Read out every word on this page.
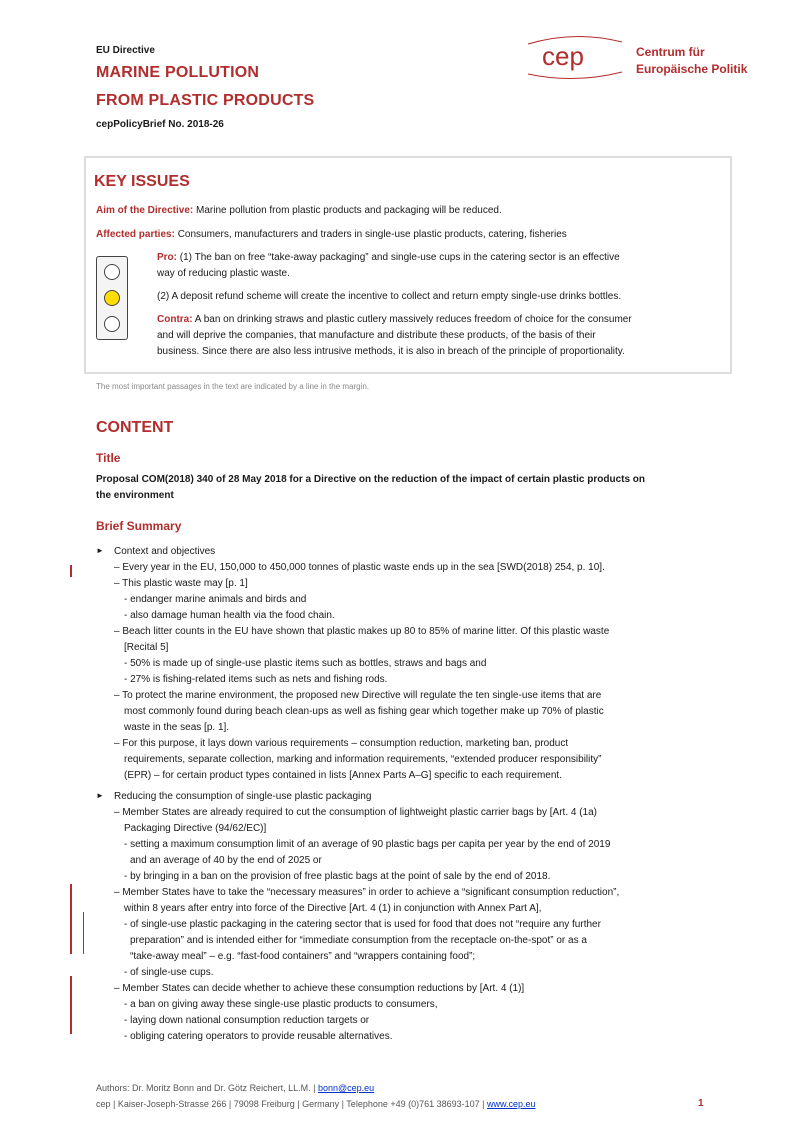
EU Directive
MARINE POLLUTION
FROM PLASTIC PRODUCTS
cepPolicyBrief No. 2018-26
cep	Centrum für
Europäische Politik
KEY ISSUES
Aim of the Directive: Marine pollution from plastic products and packaging will be reduced.
Affected parties: Consumers, manufacturers and traders in single-use plastic products, catering, fisheries
Pro: (1) The ban on free “take-away packaging” and single-use cups in the catering sector is an effective
way of reducing plastic waste.
(2) A deposit refund scheme will create the incentive to collect and return empty single-use drinks bottles.
Contra: A ban on drinking straws and plastic cutlery massively reduces freedom of choice for the consumer
and will deprive the companies, that manufacture and distribute these products, of the basis of their
business. Since there are also less intrusive methods, it is also in breach of the principle of proportionality.
The most important passages in the text are indicated by a line in the margin.
CONTENT
Title
Proposal COM(2018) 340 of 28 May 2018 for a Directive on the reduction of the impact of certain plastic products on
the environment
Brief Summary
► Context and objectives
– Every year in the EU, 150,000 to 450,000 tonnes of plastic waste ends up in the sea [SWD(2018) 254, p. 10].
– This plastic waste may [p. 1]
- endanger marine animals and birds and
- also damage human health via the food chain.
– Beach litter counts in the EU have shown that plastic makes up 80 to 85% of marine litter. Of this plastic waste
[Recital 5]
- 50% is made up of single-use plastic items such as bottles, straws and bags and
- 27% is fishing-related items such as nets and fishing rods.
– To protect the marine environment, the proposed new Directive will regulate the ten single-use items that are
most commonly found during beach clean-ups as well as fishing gear which together make up 70% of plastic
waste in the seas [p. 1].
– For this purpose, it lays down various requirements – consumption reduction, marketing ban, product
requirements, separate collection, marking and information requirements, “extended producer responsibility”
(EPR) – for certain product types contained in lists [Annex Parts A–G] specific to each requirement.
► Reducing the consumption of single-use plastic packaging
– Member States are already required to cut the consumption of lightweight plastic carrier bags by [Art. 4 (1a)
Packaging Directive (94/62/EC)]
- setting a maximum consumption limit of an average of 90 plastic bags per capita per year by the end of 2019
and an average of 40 by the end of 2025 or
- by bringing in a ban on the provision of free plastic bags at the point of sale by the end of 2018.
– Member States have to take the “necessary measures” in order to achieve a “significant consumption reduction”,
within 8 years after entry into force of the Directive [Art. 4 (1) in conjunction with Annex Part A],
- of single-use plastic packaging in the catering sector that is used for food that does not “require any further
preparation” and is intended either for “immediate consumption from the receptacle on-the-spot” or as a
“take-away meal” – e.g. “fast-food containers” and “wrappers containing food”;
- of single-use cups.
– Member States can decide whether to achieve these consumption reductions by [Art. 4 (1)]
- a ban on giving away these single-use plastic products to consumers,
- laying down national consumption reduction targets or
- obliging catering operators to provide reusable alternatives.
Authors: Dr. Moritz Bonn and Dr. Götz Reichert, LL.M. | bonn@cep.eu
cep | Kaiser-Joseph-Strasse 266 | 79098 Freiburg | Germany | Telephone +49 (0)761 38693-107 | www.cep.eu	1
